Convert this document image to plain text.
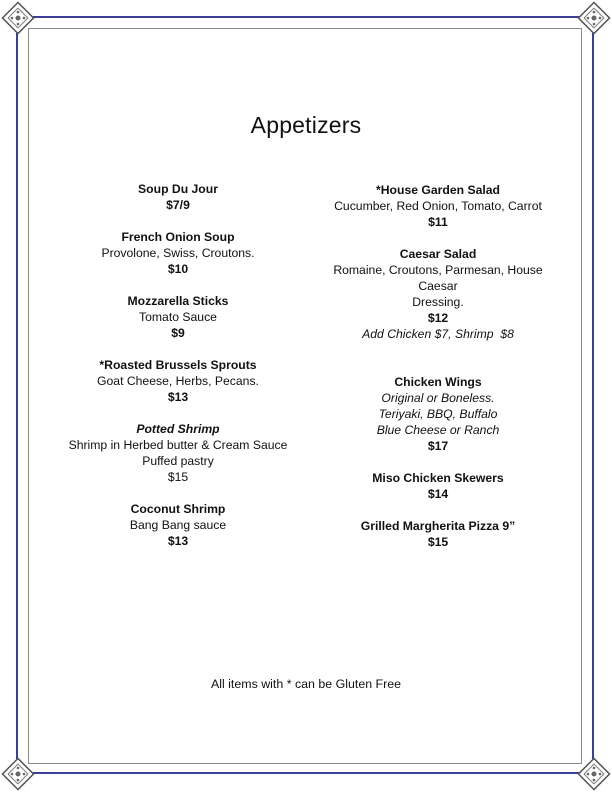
Appetizers
Soup Du Jour
$7/9
French Onion Soup
Provolone, Swiss, Croutons.
$10
Mozzarella Sticks
Tomato Sauce
$9
*Roasted Brussels Sprouts
Goat Cheese, Herbs, Pecans.
$13
Potted Shrimp
Shrimp in Herbed butter & Cream Sauce
Puffed pastry
$15
Coconut Shrimp
Bang Bang sauce
$13
*House Garden Salad
Cucumber, Red Onion, Tomato, Carrot
$11
Caesar Salad
Romaine, Croutons, Parmesan, House Caesar
Dressing.
$12
Add Chicken $7, Shrimp  $8
Chicken Wings
Original or Boneless.
Teriyaki, BBQ, Buffalo
Blue Cheese or Ranch
$17
Miso Chicken Skewers
$14
Grilled Margherita Pizza 9”
$15
All items with * can be Gluten Free
